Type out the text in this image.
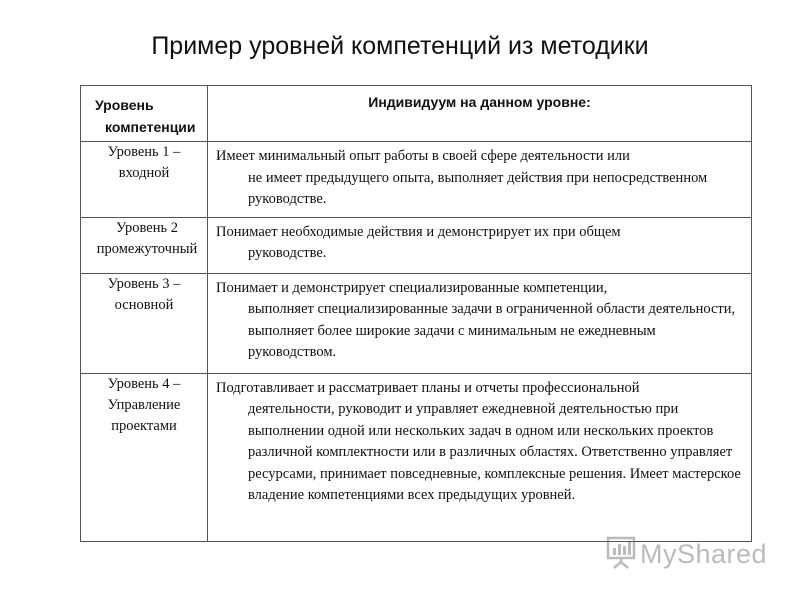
Пример уровней компетенций из методики
Уровень
компетенции	Индивидуум на данном уровне:
Уровень 1 – входной	Имеет минимальный опыт работы в своей сфере деятельности или
не имеет предыдущего опыта, выполняет действия при непосредственном руководстве.

Уровень 2 промежуточный	Понимает необходимые действия и демонстрирует их при общем
руководстве.

Уровень 3 – основной	Понимает и демонстрирует специализированные компетенции,
выполняет специализированные задачи в ограниченной области деятельности, выполняет более широкие задачи с минимальным не ежедневным руководством.

Уровень 4 – Управление проектами	Подготавливает и рассматривает планы и отчеты профессиональной
деятельности, руководит и управляет ежедневной деятельностью при выполнении одной или нескольких задач в одном или нескольких проектов различной комплектности или в различных областях. Ответственно управляет ресурсами, принимает повседневные, комплексные решения. Имеет мастерское владение компетенциями всех предыдущих уровней.
MyShared
